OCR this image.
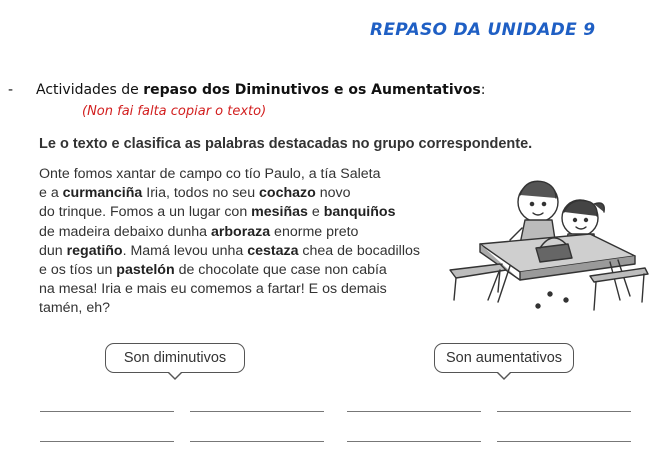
REPASO DA UNIDADE 9
- Actividades de repaso dos Diminutivos e os Aumentativos:
(Non fai falta copiar o texto)
Le o texto e clasifica as palabras destacadas no grupo correspondente.
Onte fomos xantar de campo co tío Paulo, a tía Saleta
e a curmanciña Iria, todos no seu cochazo novo
do trinque. Fomos a un lugar con mesiñas e banquiños
de madeira debaixo dunha arboraza enorme preto
dun regatiño. Mamá levou unha cestaza chea de bocadillos
e os tíos un pastelón de chocolate que case non cabía
na mesa! Iria e mais eu comemos a fartar! E os demais
tamén, eh?
Son diminutivos	Son aumentativos
